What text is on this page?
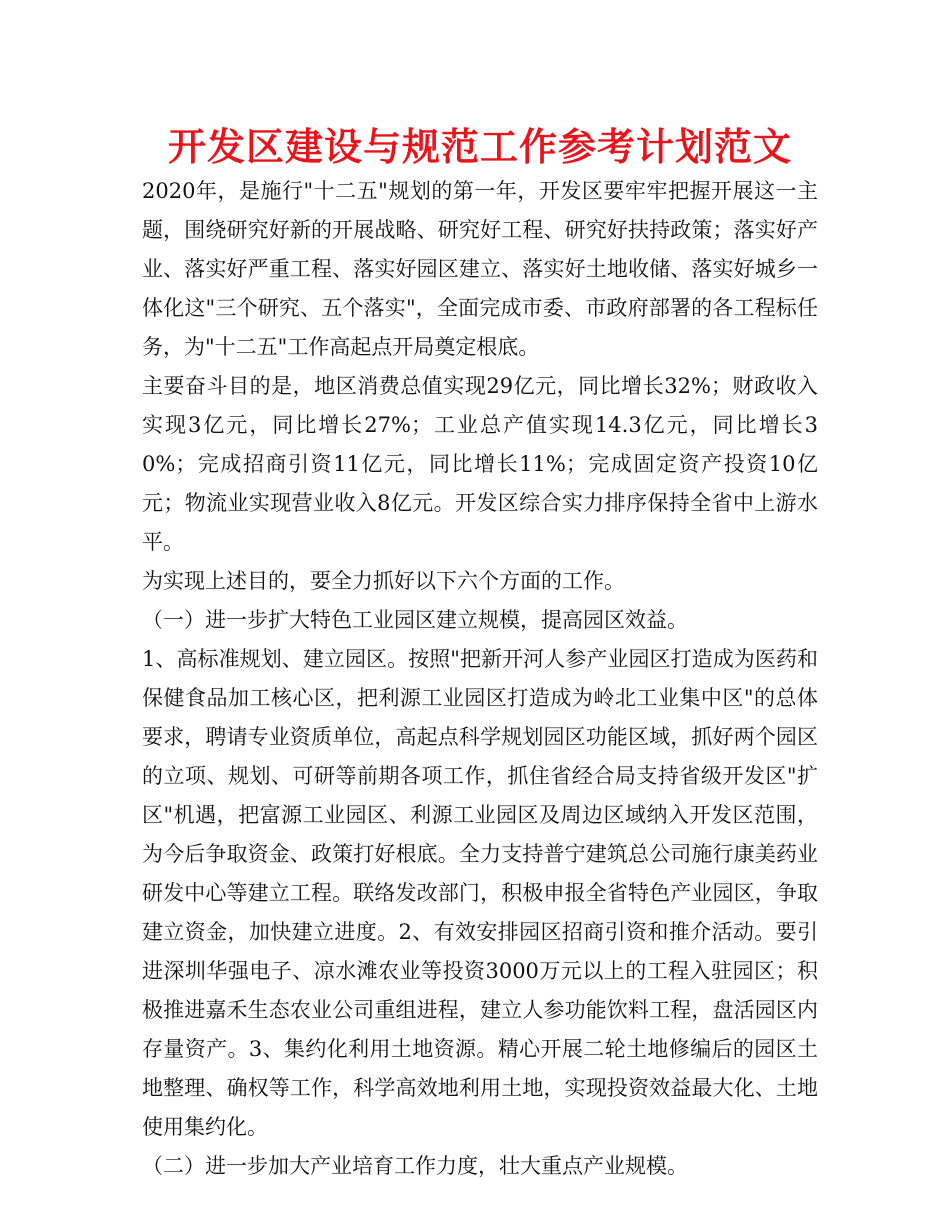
开发区建设与规范工作参考计划范文

2020年，是施行"十二五"规划的第一年，开发区要牢牢把握开展这一主题，围绕研究好新的开展战略、研究好工程、研究好扶持政策；落实好产业、落实好严重工程、落实好园区建立、落实好土地收储、落实好城乡一体化这"三个研究、五个落实"，全面完成市委、市政府部署的各工程标任务，为"十二五"工作高起点开局奠定根底。

主要奋斗目的是，地区消费总值实现29亿元，同比增长32%；财政收入实现3亿元，同比增长27%；工业总产值实现14.3亿元，同比增长30%；完成招商引资11亿元，同比增长11%；完成固定资产投资10亿元；物流业实现营业收入8亿元。开发区综合实力排序保持全省中上游水平。

为实现上述目的，要全力抓好以下六个方面的工作。

（一）进一步扩大特色工业园区建立规模，提高园区效益。

1、高标准规划、建立园区。按照"把新开河人参产业园区打造成为医药和保健食品加工核心区，把利源工业园区打造成为岭北工业集中区"的总体要求，聘请专业资质单位，高起点科学规划园区功能区域，抓好两个园区的立项、规划、可研等前期各项工作，抓住省经合局支持省级开发区"扩区"机遇，把富源工业园区、利源工业园区及周边区域纳入开发区范围，为今后争取资金、政策打好根底。全力支持普宁建筑总公司施行康美药业研发中心等建立工程。联络发改部门，积极申报全省特色产业园区，争取建立资金，加快建立进度。2、有效安排园区招商引资和推介活动。要引进深圳华强电子、凉水滩农业等投资3000万元以上的工程入驻园区；积极推进嘉禾生态农业公司重组进程，建立人参功能饮料工程，盘活园区内存量资产。3、集约化利用土地资源。精心开展二轮土地修编后的园区土地整理、确权等工作，科学高效地利用土地，实现投资效益最大化、土地使用集约化。

（二）进一步加大产业培育工作力度，壮大重点产业规模。
